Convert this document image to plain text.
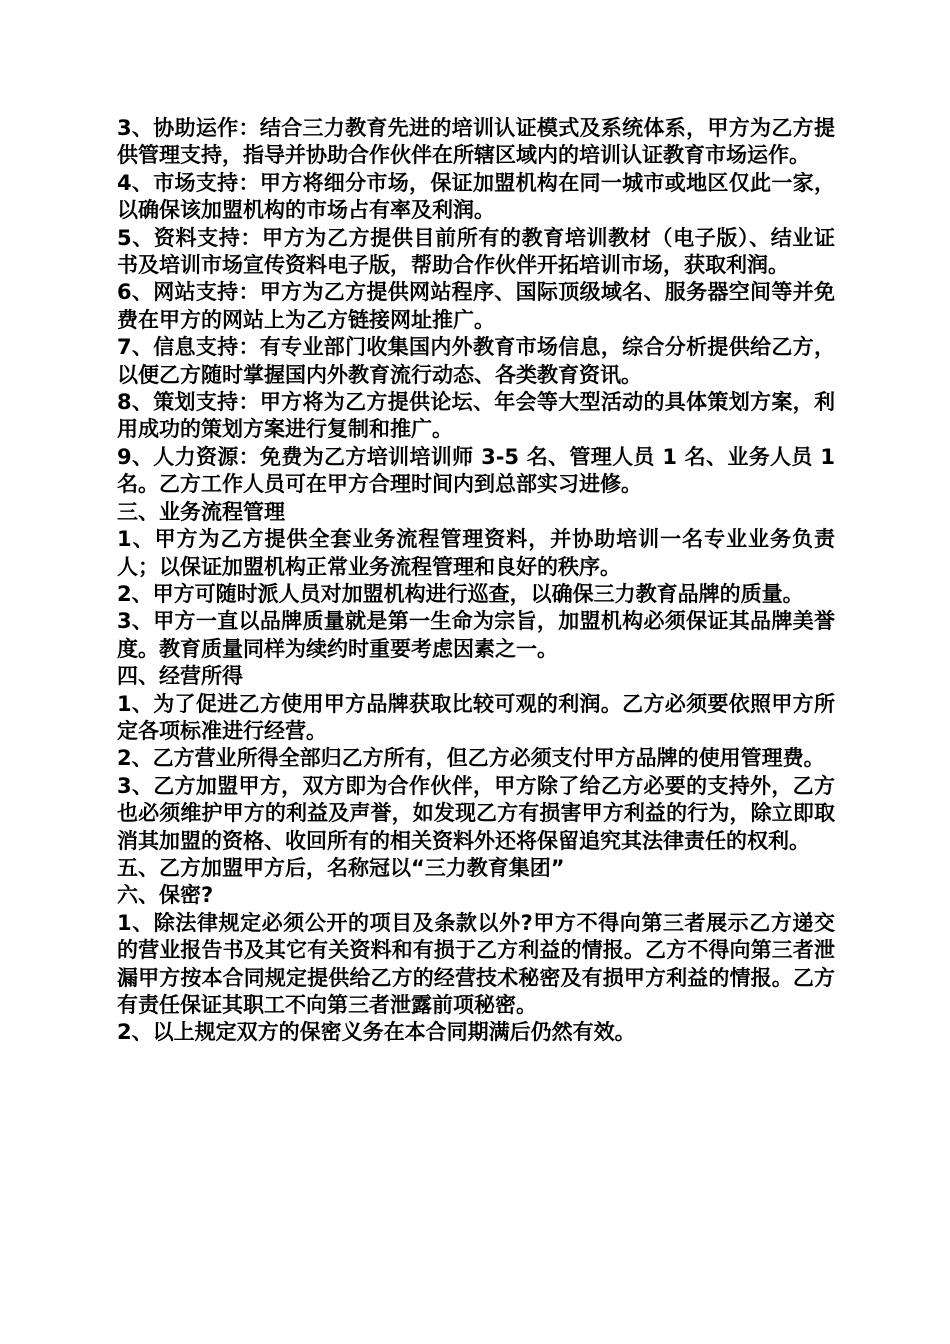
3、协助运作：结合三力教育先进的培训认证模式及系统体系，甲方为乙方提供管理支持，指导并协助合作伙伴在所辖区域内的培训认证教育市场运作。

4、市场支持：甲方将细分市场，保证加盟机构在同一城市或地区仅此一家，以确保该加盟机构的市场占有率及利润。

5、资料支持：甲方为乙方提供目前所有的教育培训教材（电子版）、结业证书及培训市场宣传资料电子版，帮助合作伙伴开拓培训市场，获取利润。

6、网站支持：甲方为乙方提供网站程序、国际顶级域名、服务器空间等并免费在甲方的网站上为乙方链接网址推广。

7、信息支持：有专业部门收集国内外教育市场信息，综合分析提供给乙方，以便乙方随时掌握国内外教育流行动态、各类教育资讯。

8、策划支持：甲方将为乙方提供论坛、年会等大型活动的具体策划方案，利用成功的策划方案进行复制和推广。

9、人力资源：免费为乙方培训培训师 3-5 名、管理人员 1 名、业务人员 1 名。乙方工作人员可在甲方合理时间内到总部实习进修。

三、业务流程管理

1、甲方为乙方提供全套业务流程管理资料，并协助培训一名专业业务负责人；以保证加盟机构正常业务流程管理和良好的秩序。

2、甲方可随时派人员对加盟机构进行巡查，以确保三力教育品牌的质量。

3、甲方一直以品牌质量就是第一生命为宗旨，加盟机构必须保证其品牌美誉度。教育质量同样为续约时重要考虑因素之一。

四、经营所得

1、为了促进乙方使用甲方品牌获取比较可观的利润。乙方必须要依照甲方所定各项标准进行经营。

2、乙方营业所得全部归乙方所有，但乙方必须支付甲方品牌的使用管理费。

3、乙方加盟甲方，双方即为合作伙伴，甲方除了给乙方必要的支持外，乙方也必须维护甲方的利益及声誉，如发现乙方有损害甲方利益的行为，除立即取消其加盟的资格、收回所有的相关资料外还将保留追究其法律责任的权利。

五、乙方加盟甲方后，名称冠以“三力教育集团”

六、保密?

1、除法律规定必须公开的项目及条款以外?甲方不得向第三者展示乙方递交的营业报告书及其它有关资料和有损于乙方利益的情报。乙方不得向第三者泄漏甲方按本合同规定提供给乙方的经营技术秘密及有损甲方利益的情报。乙方有责任保证其职工不向第三者泄露前项秘密。

2、以上规定双方的保密义务在本合同期满后仍然有效。
